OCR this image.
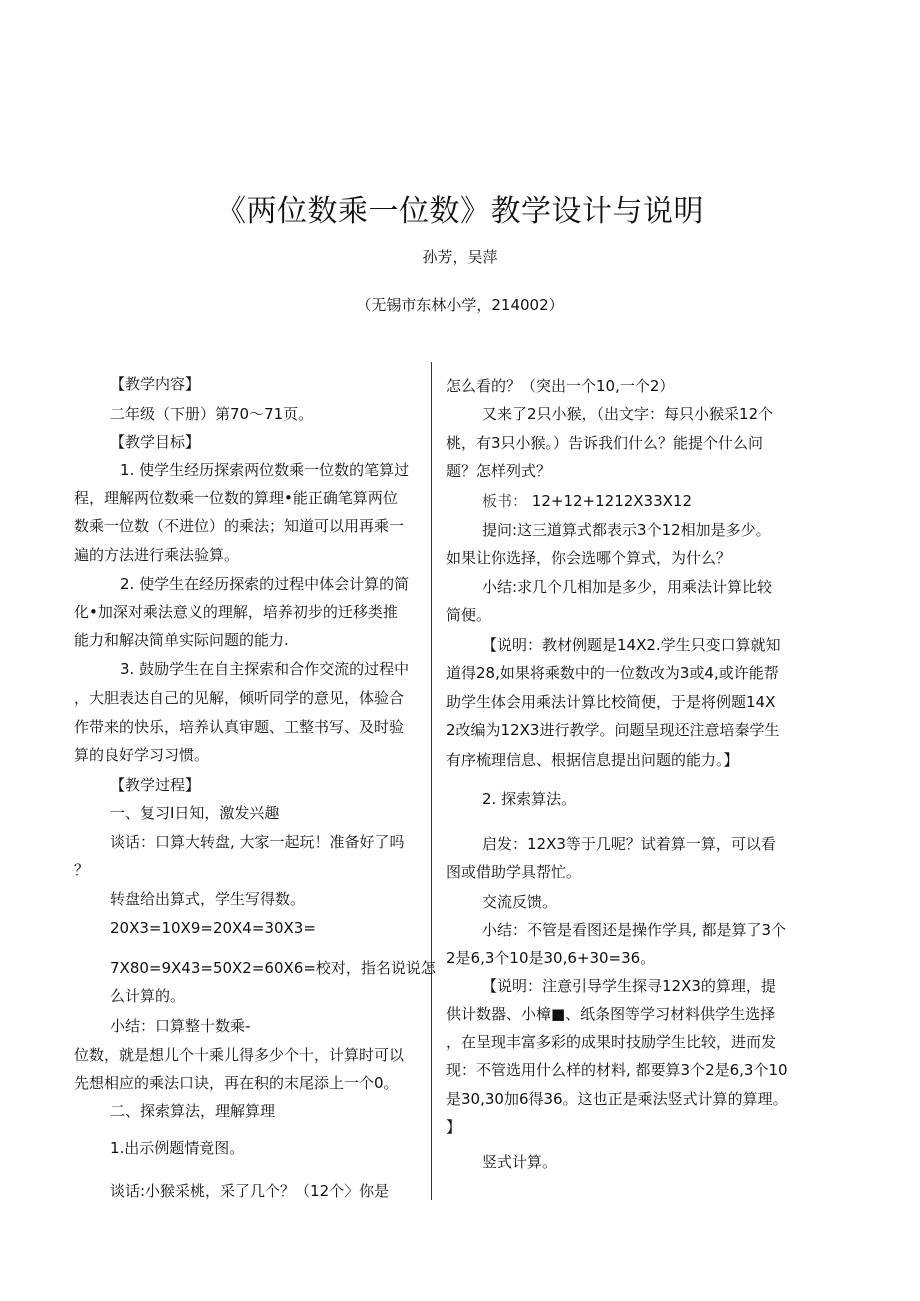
《两位数乘一位数》教学设计与说明
孙芳，吴萍
（无锡市东林小学，214002）
【教学内容】
二年级（下册）第70〜71页。
【教学目标】
1. 使学生经历探索两位数乘一位数的笔算过
程，理解两位数乘一位数的算理•能正确笔算两位
数乘一位数（不进位）的乘法；知道可以用再乘一
遍的方法进行乘法验算。
2. 使学生在经历探索的过程中体会计算的简
化•加深对乘法意义的理解，培养初步的迁移类推
能力和解决简单实际问题的能力.
3. 鼓励学生在自主探索和合作交流的过程中
，大胆表达自己的见解，倾听同学的意见，体验合
作带来的快乐，培养认真审题、工整书写、及时验
算的良好学习习惯。
【教学过程】
一、复习I日知，激发兴趣
谈话：口算大转盘, 大家一起玩！准备好了吗
？
转盘给出算式，学生写得数。
20X3=10X9=20X4=30X3=
7X80=9X43=50X2=60X6=校对，指名说说怎
么计算的。
小结：口算整十数乘-
位数，就是想儿个十乘儿得多少个十，计算时可以
先想相应的乘法口诀，再在积的末尾添上一个0。
二、探索算法，理解算理
1.出示例题情竟图。
谈话:小猴采桃，采了几个？（12个〉你是
怎么看的？（突出一个10,一个2）
又来了2只小猴，（出文字：每只小猴采12个
桃，有3只小猴。）告诉我们什么？能提个什么问
题？怎样列式？
板书： 12+12+1212X33X12
提问:这三道算式都表示3个12相加是多少。
如果让你选择，你会选哪个算式，为什么？
小结:求几个几相加是多少，用乘法计算比较
简便。
【说明：教材例题是14X2.学生只变口算就知
道得28,如果将乘数中的一位数改为3或4,或许能帮
助学生体会用乘法计算比校简便，于是将例题14X
2改编为12X3进行教学。问题呈现还注意培秦学生
有序梳理信息、根据信息提出问题的能力。】
2. 探索算法。
启发：12X3等于几呢？试着算一算，可以看
图或借助学具帮忙。
交流反馈。
小结：不管是看图还是操作学具, 都是算了3个
2是6,3个10是30,6+30=36。
【说明：注意引导学生探寻12X3的算理，提
供计数器、小樟■、纸条图等学习材料供学生选择
，在呈现丰富多彩的成果时技励学生比较，进而发
现：不管选用什么样的材料, 都要算3个2是6,3个10
是30,30加6得36。这也正是乘法竖式计算的算理。
】
竖式计算。
